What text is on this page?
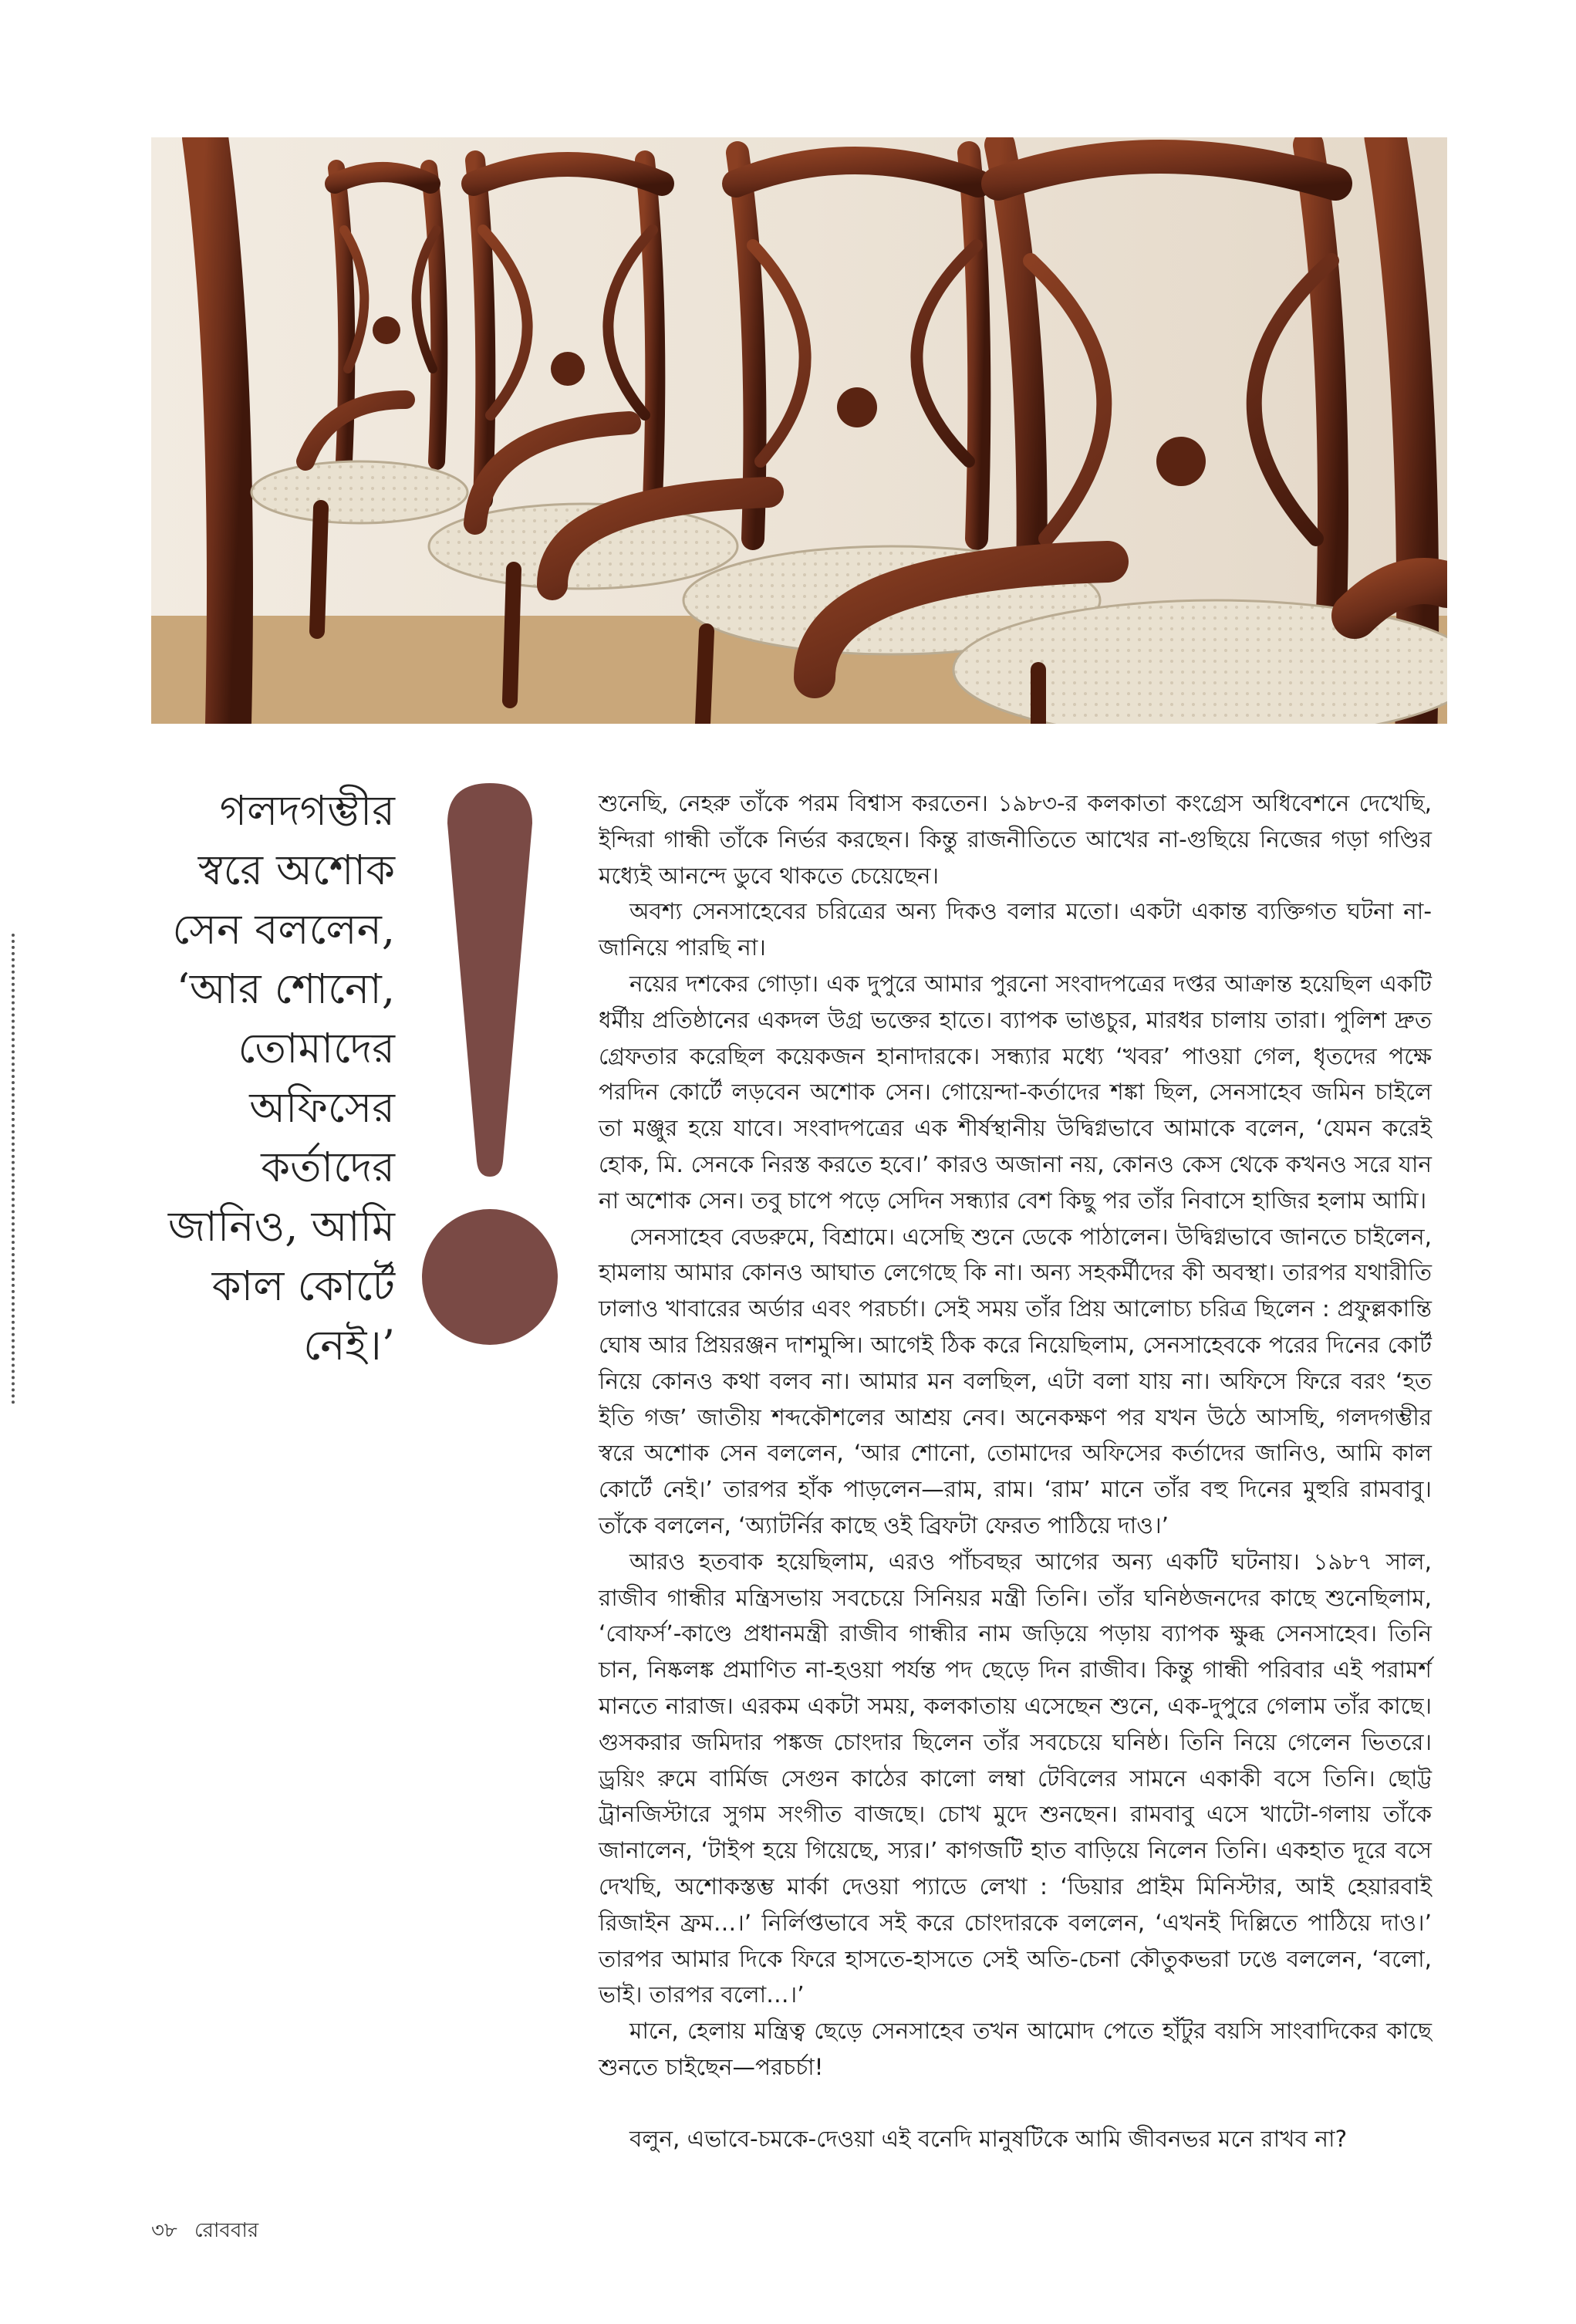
গলদগম্ভীর
স্বরে অশোক
সেন বললেন,
‘আর শোনো,
তোমাদের
অফিসের
কর্তাদের
জানিও, আমি
কাল কোর্টে
নেই।’

শুনেছি, নেহরু তাঁকে পরম বিশ্বাস করতেন। ১৯৮৩-র কলকাতা কংগ্রেস অধিবেশনে দেখেছি, ইন্দিরা গান্ধী তাঁকে নির্ভর করছেন। কিন্তু রাজনীতিতে আখের না-গুছিয়ে নিজের গড়া গণ্ডির মধ্যেই আনন্দে ডুবে থাকতে চেয়েছেন।

অবশ্য সেনসাহেবের চরিত্রের অন্য দিকও বলার মতো। একটা একান্ত ব্যক্তিগত ঘটনা না-জানিয়ে পারছি না।

নয়ের দশকের গোড়া। এক দুপুরে আমার পুরনো সংবাদপত্রের দপ্তর আক্রান্ত হয়েছিল একটি ধর্মীয় প্রতিষ্ঠানের একদল উগ্র ভক্তের হাতে। ব্যাপক ভাঙচুর, মারধর চালায় তারা। পুলিশ দ্রুত গ্রেফতার করেছিল কয়েকজন হানাদারকে। সন্ধ্যার মধ্যে ‘খবর’ পাওয়া গেল, ধৃতদের পক্ষে পরদিন কোর্টে লড়বেন অশোক সেন। গোয়েন্দা-কর্তাদের শঙ্কা ছিল, সেনসাহেব জমিন চাইলে তা মঞ্জুর হয়ে যাবে। সংবাদপত্রের এক শীর্ষস্থানীয় উদ্বিগ্নভাবে আমাকে বলেন, ‘যেমন করেই হোক, মি. সেনকে নিরস্ত করতে হবে।’ কারও অজানা নয়, কোনও কেস থেকে কখনও সরে যান না অশোক সেন। তবু চাপে পড়ে সেদিন সন্ধ্যার বেশ কিছু পর তাঁর নিবাসে হাজির হলাম আমি।

সেনসাহেব বেডরুমে, বিশ্রামে। এসেছি শুনে ডেকে পাঠালেন। উদ্বিগ্নভাবে জানতে চাইলেন, হামলায় আমার কোনও আঘাত লেগেছে কি না। অন্য সহকর্মীদের কী অবস্থা। তারপর যথারীতি ঢালাও খাবারের অর্ডার এবং পরচর্চা। সেই সময় তাঁর প্রিয় আলোচ্য চরিত্র ছিলেন : প্রফুল্লকান্তি ঘোষ আর প্রিয়রঞ্জন দাশমুন্সি। আগেই ঠিক করে নিয়েছিলাম, সেনসাহেবকে পরের দিনের কোর্ট নিয়ে কোনও কথা বলব না। আমার মন বলছিল, এটা বলা যায় না। অফিসে ফিরে বরং ‘হত ইতি গজ’ জাতীয় শব্দকৌশলের আশ্রয় নেব। অনেকক্ষণ পর যখন উঠে আসছি, গলদগম্ভীর স্বরে অশোক সেন বললেন, ‘আর শোনো, তোমাদের অফিসের কর্তাদের জানিও, আমি কাল কোর্টে নেই।’ তারপর হাঁক পাড়লেন—রাম, রাম। ‘রাম’ মানে তাঁর বহু দিনের মুহুরি রামবাবু। তাঁকে বললেন, ‘অ্যাটর্নির কাছে ওই ব্রিফটা ফেরত পাঠিয়ে দাও।’

আরও হতবাক হয়েছিলাম, এরও পাঁচবছর আগের অন্য একটি ঘটনায়। ১৯৮৭ সাল, রাজীব গান্ধীর মন্ত্রিসভায় সবচেয়ে সিনিয়র মন্ত্রী তিনি। তাঁর ঘনিষ্ঠজনদের কাছে শুনেছিলাম, ‘বোফর্স’-কাণ্ডে প্রধানমন্ত্রী রাজীব গান্ধীর নাম জড়িয়ে পড়ায় ব্যাপক ক্ষুব্ধ সেনসাহেব। তিনি চান, নিষ্কলঙ্ক প্রমাণিত না-হওয়া পর্যন্ত পদ ছেড়ে দিন রাজীব। কিন্তু গান্ধী পরিবার এই পরামর্শ মানতে নারাজ। এরকম একটা সময়, কলকাতায় এসেছেন শুনে, এক-দুপুরে গেলাম তাঁর কাছে। গুসকরার জমিদার পঙ্কজ চোংদার ছিলেন তাঁর সবচেয়ে ঘনিষ্ঠ। তিনি নিয়ে গেলেন ভিতরে। ড্রয়িং রুমে বার্মিজ সেগুন কাঠের কালো লম্বা টেবিলের সামনে একাকী বসে তিনি। ছোট্ট ট্রানজিস্টারে সুগম সংগীত বাজছে। চোখ মুদে শুনছেন। রামবাবু এসে খাটো-গলায় তাঁকে জানালেন, ‘টাইপ হয়ে গিয়েছে, স্যর।’ কাগজটি হাত বাড়িয়ে নিলেন তিনি। একহাত দূরে বসে দেখছি, অশোকস্তম্ভ মার্কা দেওয়া প্যাডে লেখা : ‘ডিয়ার প্রাইম মিনিস্টার, আই হেয়ারবাই রিজাইন ফ্রম…।’ নির্লিপ্তভাবে সই করে চোংদারকে বললেন, ‘এখনই দিল্লিতে পাঠিয়ে দাও।’ তারপর আমার দিকে ফিরে হাসতে-হাসতে সেই অতি-চেনা কৌতুকভরা ঢঙে বললেন, ‘বলো, ভাই। তারপর বলো…।’

মানে, হেলায় মন্ত্রিত্ব ছেড়ে সেনসাহেব তখন আমোদ পেতে হাঁটুর বয়সি সাংবাদিকের কাছে শুনতে চাইছেন—পরচর্চা!

বলুন, এভাবে-চমকে-দেওয়া এই বনেদি মানুষটিকে আমি জীবনভর মনে রাখব না?

৩৮ রোববার
